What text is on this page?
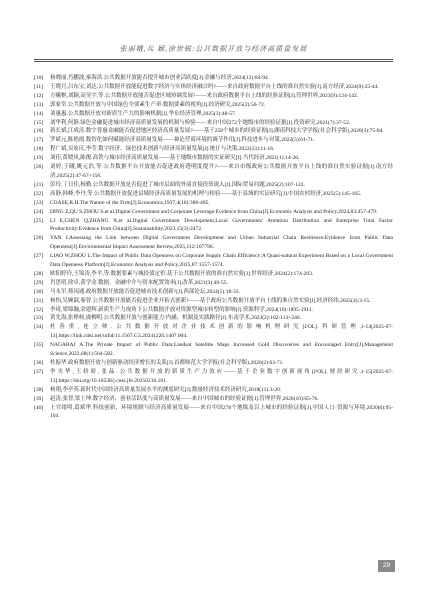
张丽娥,兵 颖,徐世锐:公共数据开放与经济高质量发展
[10]	杨晓丽,肖鹏波,秦海滨.公共数据开放能否提升城市创业活跃度[J].金融与经济,2024(12):84-94.
[11]	王晓月,吕东宝,刘达.公共数据开放能促进数字经济与实体经济融合吗?——来自政府数据平台上线的准自然实验[J].南方经济,2024(9):25-44.
[12]	方曦枢,刘颖,高昊宇,等.公共数据开放能否促进区域协调发展?——来自政府数据平台上线的经验证据[J].管理世界,2023(9):124-142.
[13]	郭家堂.公共数据开放与中国绿色全要素生产率:数据要素的视角[J].经济研究,2025(2):56-72.
[14]	刘惠惠.公共数据开放对新质生产力的影响机制[J].华东经济管理,2025(3):48-57.
[15]	刘华利,何静.绿色金融促进城市经济高质量发展的机制与检验——来自中国272个地级市的经验证据[J].投资研究,2021(7):37-52.
[16]	蒋长斌,江成涛.数字普惠金融能否促进地区经济高质量发展?——基于258个城市的经验证据[J].湖南科技大学学报(社会科学版),2020(3):75-84.
[17]	罗斌元,陈艳霞.数智化如何赋能经济高质量发展——兼论营商环境的调节作用[J].科技进步与对策,2022(5):61-71.
[18]	程广斌,吴家庆,李莹.数字经济、绿色技术创新与经济高质量发展[J].统计与决策,2022(23):11-16.
[19]	刘佳,黄晓凤,陈俊.高铁与城市经济高质量发展——基于地级市数据的实证研究[J].当代经济,2021(1):14-26.
[20]	刘婷,王曦,姚元浩,等.公共数据平台开放能否促进政府透明度提升?——来自市级政府公共数据开放平台上线的准自然实验证据[J].南方经济,2025(2):47-67+158.
[21]	彭玲,丁日佳,杨勤.公共数据开放是否促进了城市层面的外商直接投资流入[J].国际贸易问题,2025(2):107-122.
[22]	高静,韩峰,李丹,等.公共数据开放促进县域经济高质量发展的机理与检验——基于县域的实证研究[J].中国农村经济,2025(5):145-165.
[23]	COASE,R.H.The Nature of the Firm[J].Economica,1937,4(16):386-405.
[24]	DING Z,QU S,ZHOU S,et al.Digital Government and Corporate Leverage:Evidence from China[J].Economic Analysis and Policy,2024,83:457-479.
[25]	LI E,CHEN Q,ZHANG X,et al.Digital Government Development,Local Governments' Attention Distribution and Enterprise Total Factor Productivity:Evidence from China[J].Sustainability,2023,15(3):2472.
[26]	YAN J.Assessing the Link between Digital Government Development and Urban Industrial Chain Resilience:Evidence from Public Data Openness[J].Environmental Impact Assessment Review,2025,112:107796.
[27]	LIAO W,ZHOU L.The Impact of Public Data Openness on Corporate Supply Chain Efficiency:A Quasi-natural Experiment Based on a Local Government Data Openness Platform[J].Economic Analysis and Policy,2025,87:1557-1574.
[28]	欧阳婷玲,王锦涛,李平,等.数据要素与城投债定价:基于公共数据开放的准自然实验[J].世界经济,2024(2):174-203.
[29]	肖思明,徐卓,黄学金.数据、金融中介与资本配置效率[J].改革,2021(3):40-55.
[30]	马永军,蔡闯通.政府数据开放能否促进城市技术创新?[J].西部论坛,2024(5):18-33.
[31]	杨怡,吴婉淑,秦智.公共数据开放能否促进企业开拓式创新?——基于政府公共数据开放平台上线的准自然实验[J].经济经纬,2025(4):3-15.
[32]	李琦,梁锦瀚,余建辉.新质生产力视角下公共数据开放对资源型城市转型的影响[J].资源科学,2024(10):1895-1911.
[33]	黄先海,张榉柯,虞柳明.公共数据开放与创新能力:内涵、机制及实践路径[J].东南学术,2023(2):102-113+246.
[34]	杜善重,连立帅.公共数据开放对企业技术创新的影响机理研究[J/OL].科研管理,1-14[2025-07-13].https://link.cnki.net/urlid/11.1567.G3.20241226.1407.004.
[35]	NAGARAJ A.The Private Impact of Public Data:Landsat Satellite Maps Increased Gold Discoveries and Encouraged Entry[J].Management Science,2022,68(1):564-582.
[36]	杜振华.政府数据开放与创新驱动经济增长的关系[J].首都师范大学学报(社会科学版),2020(2):63-71.
[37]	李夹华,王娇娇,张晶.公共数据开放的新质生产力效应——基于企业数字创新视角[J/OL].财经研究,1-15[2025-07-13].https://doi.org/10.16538/j.cnki.jfe.20250216.101.
[38]	杨翔,李亭英.新时代中国经济高质量发展水平的测度研究[J].数量经济技术经济研究,2018(11):3-20.
[39]	赵涛,张智,梁上坤.数字经济、创业活跃度与高质量发展——来自中国城市的经验证据[J].管理世界,2020(10):65-76.
[40]	上官绪明,葛斌华.科技创新、环境规制与经济高质量发展——来自中国278个地级及以上城市的经验证据[J].中国人口·资源与环境,2020(6):95-104.
29
